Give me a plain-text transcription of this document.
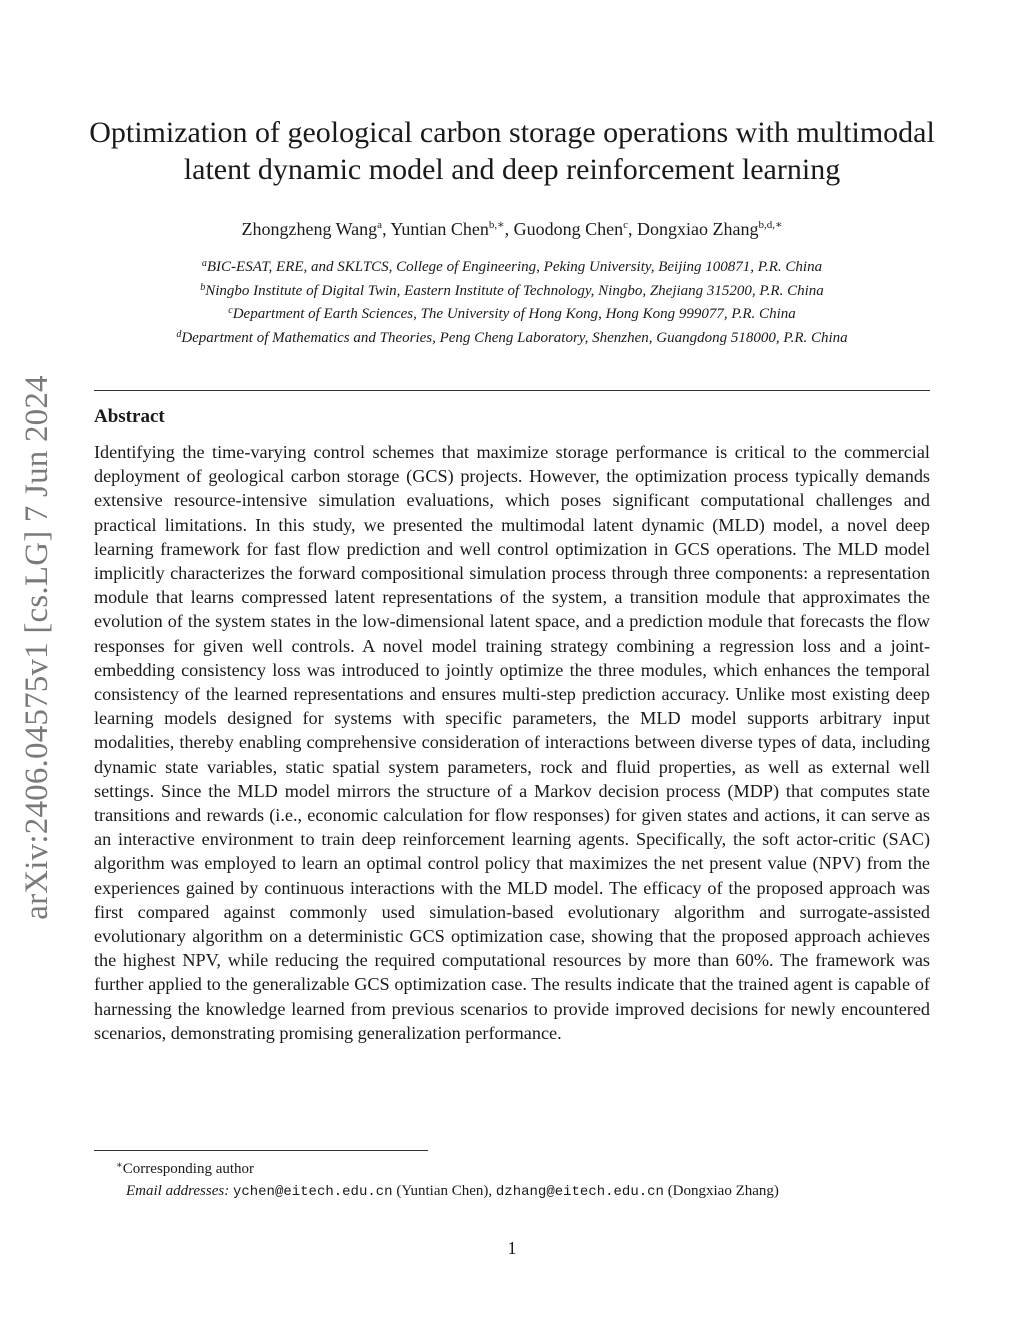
arXiv:2406.04575v1 [cs.LG] 7 Jun 2024
Optimization of geological carbon storage operations with multimodal
latent dynamic model and deep reinforcement learning
Zhongzheng Wang$^a$, Yuntian Chen$^{b,∗}$, Guodong Chen$^c$, Dongxiao Zhang$^{b,d,∗}$
$^a$BIC-ESAT, ERE, and SKLTCS, College of Engineering, Peking University, Beijing 100871, P.R. China
$^b$Ningbo Institute of Digital Twin, Eastern Institute of Technology, Ningbo, Zhejiang 315200, P.R. China
$^c$Department of Earth Sciences, The University of Hong Kong, Hong Kong 999077, P.R. China
$^d$Department of Mathematics and Theories, Peng Cheng Laboratory, Shenzhen, Guangdong 518000, P.R. China
Abstract

Identifying the time-varying control schemes that maximize storage performance is critical to the commercial deployment of geological carbon storage (GCS) projects. However, the optimization process typically demands extensive resource-intensive simulation evaluations, which poses significant computational challenges and practical limitations. In this study, we presented the multimodal latent dynamic (MLD) model, a novel deep learning framework for fast flow prediction and well control optimization in GCS operations. The MLD model implicitly characterizes the forward compositional simulation process through three components: a representation module that learns compressed latent representations of the system, a transition module that approximates the evolution of the system states in the low-dimensional latent space, and a prediction module that forecasts the flow responses for given well controls. A novel model training strategy combining a regression loss and a joint-embedding consistency loss was introduced to jointly optimize the three modules, which enhances the temporal consistency of the learned representations and ensures multi-step prediction accuracy. Unlike most existing deep learning models designed for systems with specific parameters, the MLD model supports arbitrary input modalities, thereby enabling comprehensive consideration of interactions between diverse types of data, including dynamic state variables, static spatial system parameters, rock and fluid properties, as well as external well settings. Since the MLD model mirrors the structure of a Markov decision process (MDP) that computes state transitions and rewards (i.e., economic calculation for flow responses) for given states and actions, it can serve as an interactive environment to train deep reinforcement learning agents. Specifically, the soft actor-critic (SAC) algorithm was employed to learn an optimal control policy that maximizes the net present value (NPV) from the experiences gained by continuous interactions with the MLD model. The efficacy of the proposed approach was first compared against commonly used simulation-based evolutionary algorithm and surrogate-assisted evolutionary algorithm on a deterministic GCS optimization case, showing that the proposed approach achieves the highest NPV, while reducing the required computational resources by more than 60%. The framework was further applied to the generalizable GCS optimization case. The results indicate that the trained agent is capable of harnessing the knowledge learned from previous scenarios to provide improved decisions for newly encountered scenarios, demonstrating promising generalization performance.

∗Corresponding author
Email addresses: ychen@eitech.edu.cn (Yuntian Chen), dzhang@eitech.edu.cn (Dongxiao Zhang)
1
